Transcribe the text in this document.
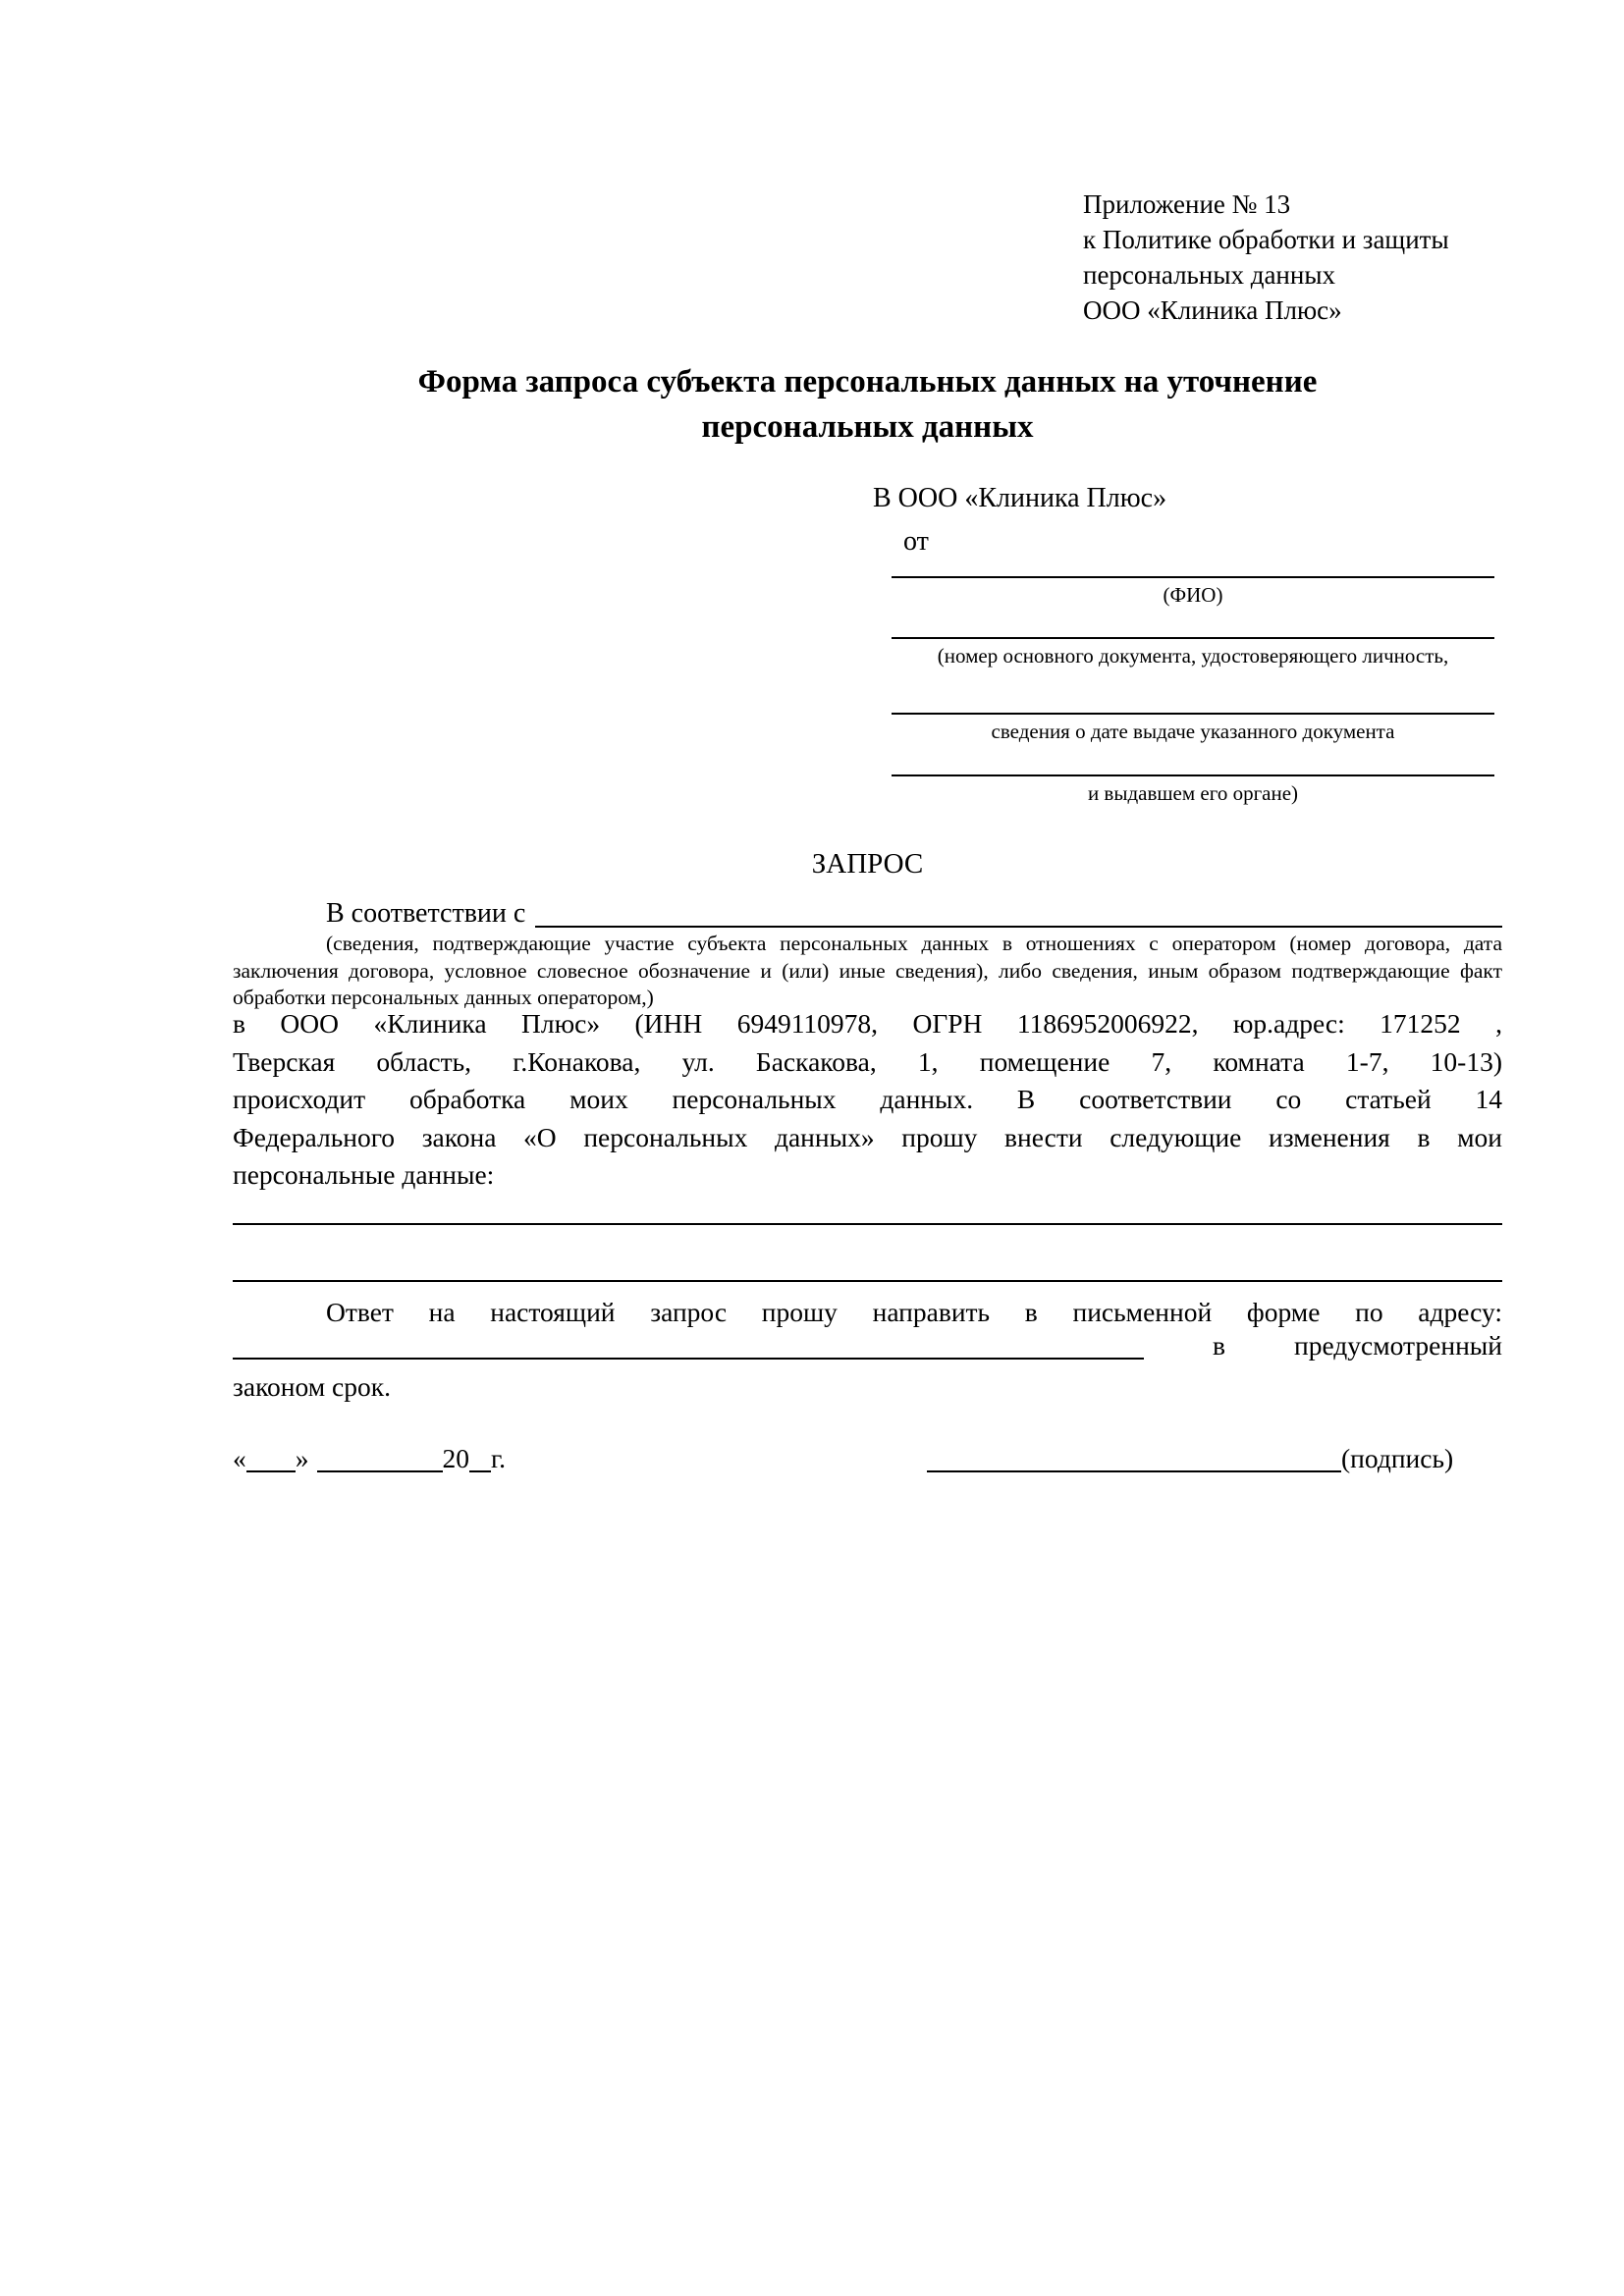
Приложение № 13
к Политике обработки и защиты
персональных данных
ООО «Клиника Плюс»
Форма запроса субъекта персональных данных на уточнение
персональных данных
В ООО «Клиника Плюс»
от
(ФИО)
(номер основного документа, удостоверяющего личность,
сведения о дате выдаче указанного документа
и выдавшем его органе)
ЗАПРОС
В соответствии с
(сведения, подтверждающие участие субъекта персональных данных в отношениях с оператором (номер договора, дата
заключения договора, условное словесное обозначение и (или) иные сведения), либо сведения, иным образом подтверждающие факт
обработки персональных данных оператором,)
в ООО «Клиника Плюс» (ИНН 6949110978, ОГРН 1186952006922, юр.адрес: 171252 ,
Тверская область, г.Конакова, ул. Баскакова, 1, помещение 7, комната 1-7, 10-13)
происходит обработка моих персональных данных. В соответствии со статьей 14
Федерального закона «О персональных данных» прошу внести следующие изменения в мои
персональные данные:
Ответ на настоящий запрос прошу направить в письменной форме по адресу:
в	предусмотренный
законом срок.
« »	20 г.	(подпись)
